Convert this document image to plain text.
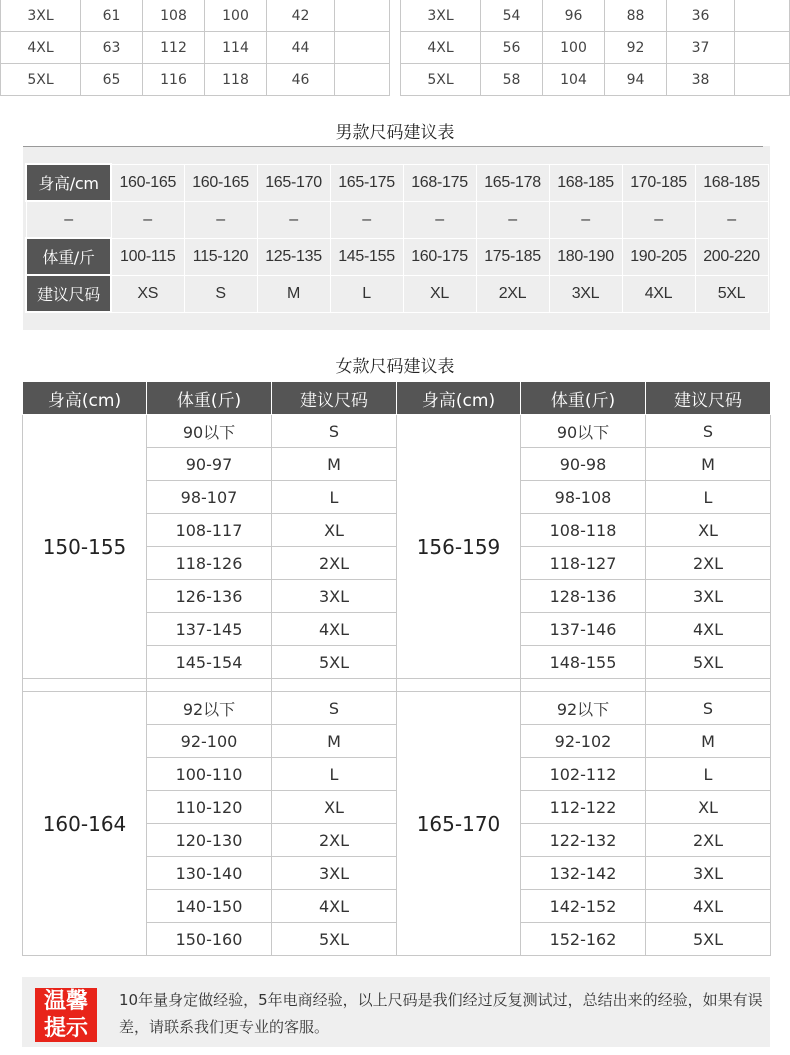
3XL	61	108	100	42	
4XL	63	112	114	44	
5XL	65	116	118	46	
3XL	54	96	88	36	
4XL	56	100	92	37	
5XL	58	104	94	38	
男款尺码建议表
身高/cm	160-165	160-165	165-170	165-175	168-175	165-178	168-185	170-185	168-185
–	–	–	–	–	–	–	–	–	–
体重/斤	100-115	115-120	125-135	145-155	160-175	175-185	180-190	190-205	200-220
建议尺码	XS	S	M	L	XL	2XL	3XL	4XL	5XL
女款尺码建议表
身高(cm)	体重(斤)	建议尺码	身高(cm)	体重(斤)	建议尺码
150-155	90以下	S	156-159	90以下	S
	90-97	M		90-98	M
	98-107	L		98-108	L
	108-117	XL		108-118	XL
	118-126	2XL		118-127	2XL
	126-136	3XL		128-136	3XL
	137-145	4XL		137-146	4XL
	145-154	5XL		148-155	5XL

160-164	92以下	S	165-170	92以下	S
	92-100	M		92-102	M
	100-110	L		102-112	L
	110-120	XL		112-122	XL
	120-130	2XL		122-132	2XL
	130-140	3XL		132-142	3XL
	140-150	4XL		142-152	4XL
	150-160	5XL		152-162	5XL
温馨
提示
10年量身定做经验，5年电商经验，以上尺码是我们经过反复测试过，总结出来的经验，如果有误差，请联系我们更专业的客服。
